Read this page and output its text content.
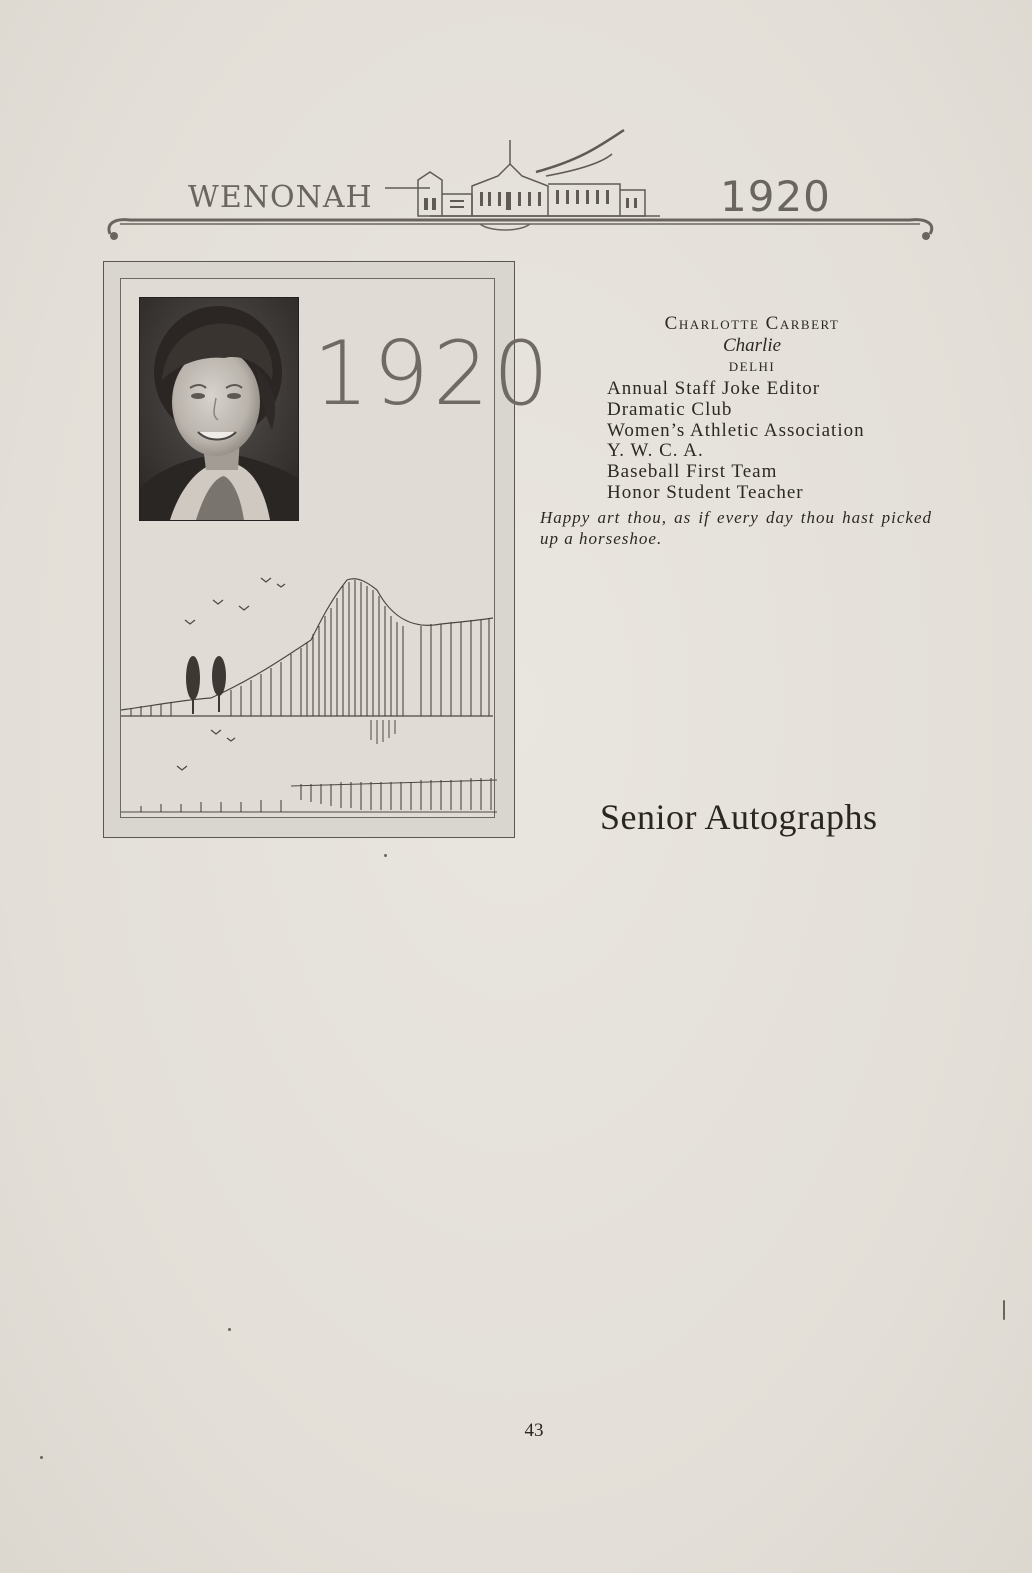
WENONAH	1920
1920	Charlotte Carbert
Charlie
DELHI
Annual Staff Joke Editor
Dramatic Club
Women’s Athletic Association
Y. W. C. A.
Baseball First Team
Honor Student Teacher
Happy art thou, as if every day thou hast picked up a horseshoe.
Senior Autographs
43
